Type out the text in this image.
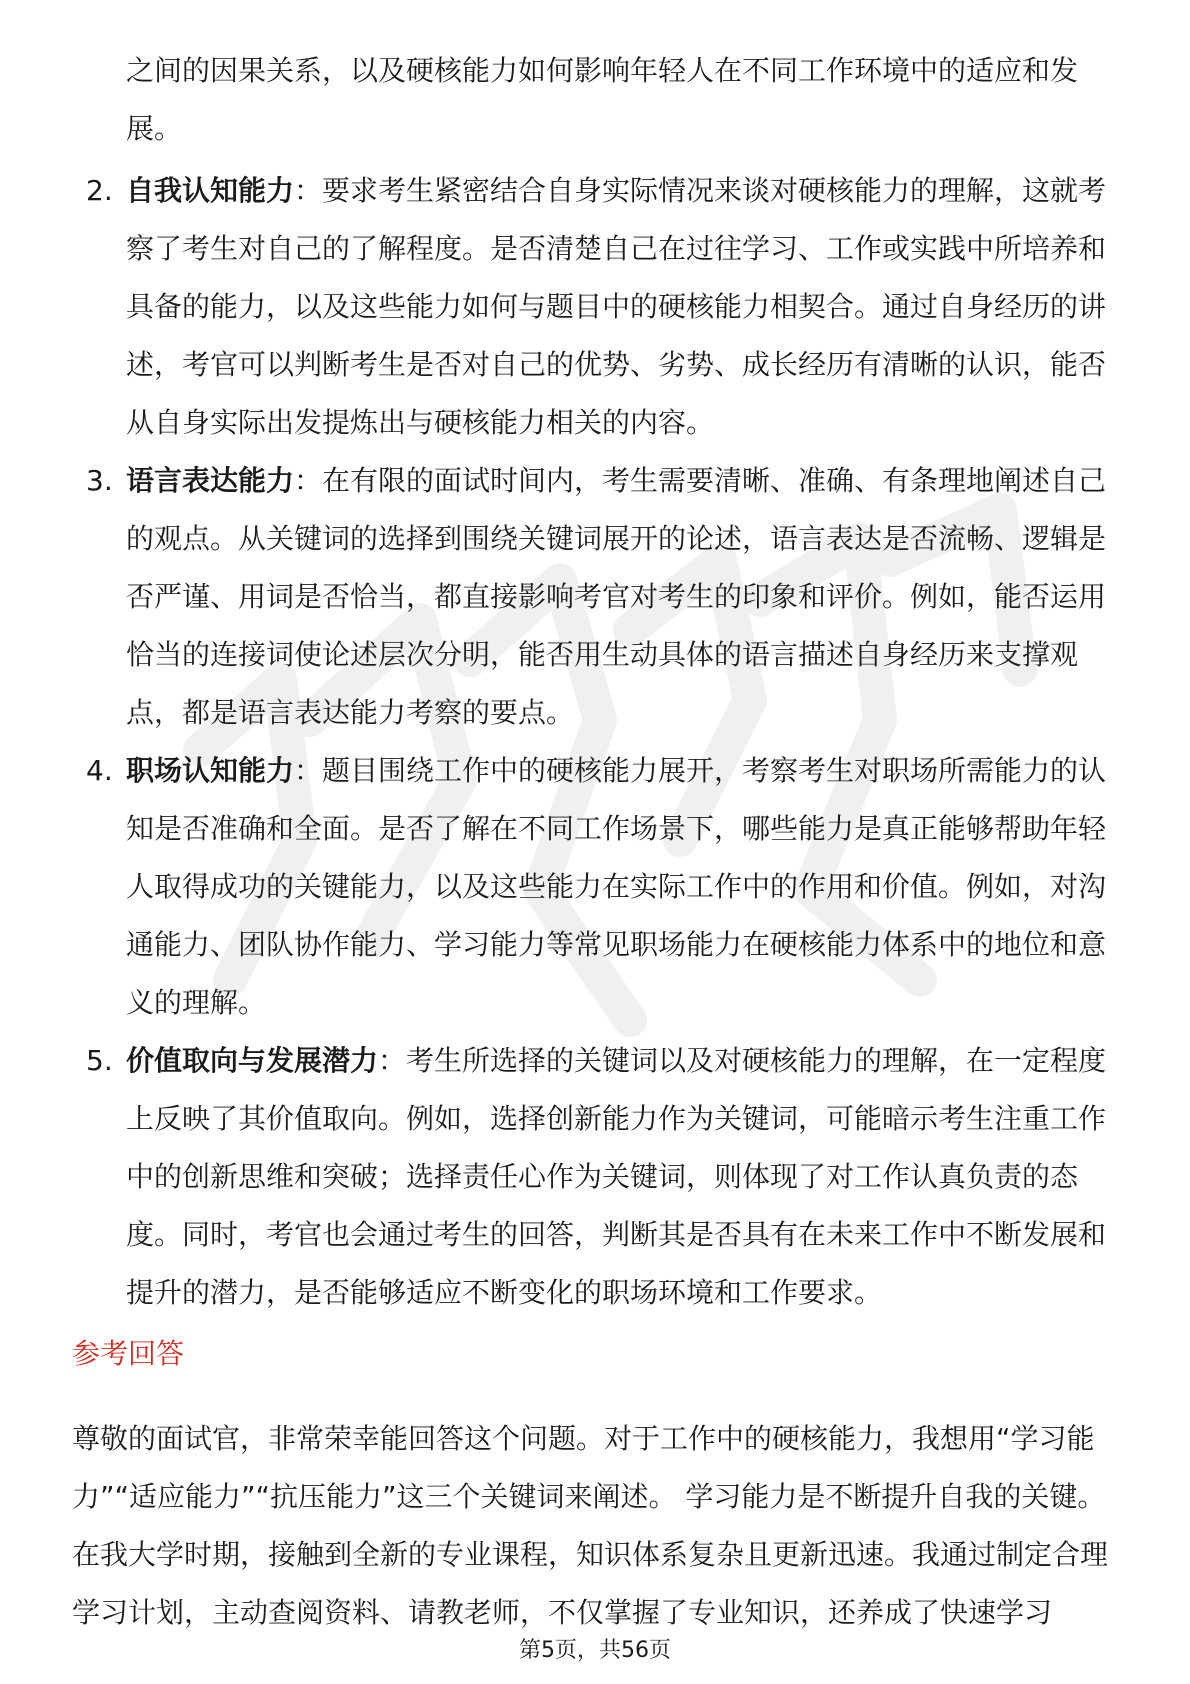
之间的因果关系，以及硬核能力如何影响年轻人在不同工作环境中的适应和发展。

2. 自我认知能力：要求考生紧密结合自身实际情况来谈对硬核能力的理解，这就考察了考生对自己的了解程度。是否清楚自己在过往学习、工作或实践中所培养和具备的能力，以及这些能力如何与题目中的硬核能力相契合。通过自身经历的讲述，考官可以判断考生是否对自己的优势、劣势、成长经历有清晰的认识，能否从自身实际出发提炼出与硬核能力相关的内容。
3. 语言表达能力：在有限的面试时间内，考生需要清晰、准确、有条理地阐述自己的观点。从关键词的选择到围绕关键词展开的论述，语言表达是否流畅、逻辑是否严谨、用词是否恰当，都直接影响考官对考生的印象和评价。例如，能否运用恰当的连接词使论述层次分明，能否用生动具体的语言描述自身经历来支撑观点，都是语言表达能力考察的要点。
4. 职场认知能力：题目围绕工作中的硬核能力展开，考察考生对职场所需能力的认知是否准确和全面。是否了解在不同工作场景下，哪些能力是真正能够帮助年轻人取得成功的关键能力，以及这些能力在实际工作中的作用和价值。例如，对沟通能力、团队协作能力、学习能力等常见职场能力在硬核能力体系中的地位和意义的理解。
5. 价值取向与发展潜力：考生所选择的关键词以及对硬核能力的理解，在一定程度上反映了其价值取向。例如，选择创新能力作为关键词，可能暗示考生注重工作中的创新思维和突破；选择责任心作为关键词，则体现了对工作认真负责的态度。同时，考官也会通过考生的回答，判断其是否具有在未来工作中不断发展和提升的潜力，是否能够适应不断变化的职场环境和工作要求。
参考回答

尊敬的面试官，非常荣幸能回答这个问题。对于工作中的硬核能力，我想用“学习能力”“适应能力”“抗压能力”这三个关键词来阐述。 学习能力是不断提升自我的关键。在我大学时期，接触到全新的专业课程，知识体系复杂且更新迅速。我通过制定合理学习计划，主动查阅资料、请教老师，不仅掌握了专业知识，还养成了快速学习

第5页，共56页
